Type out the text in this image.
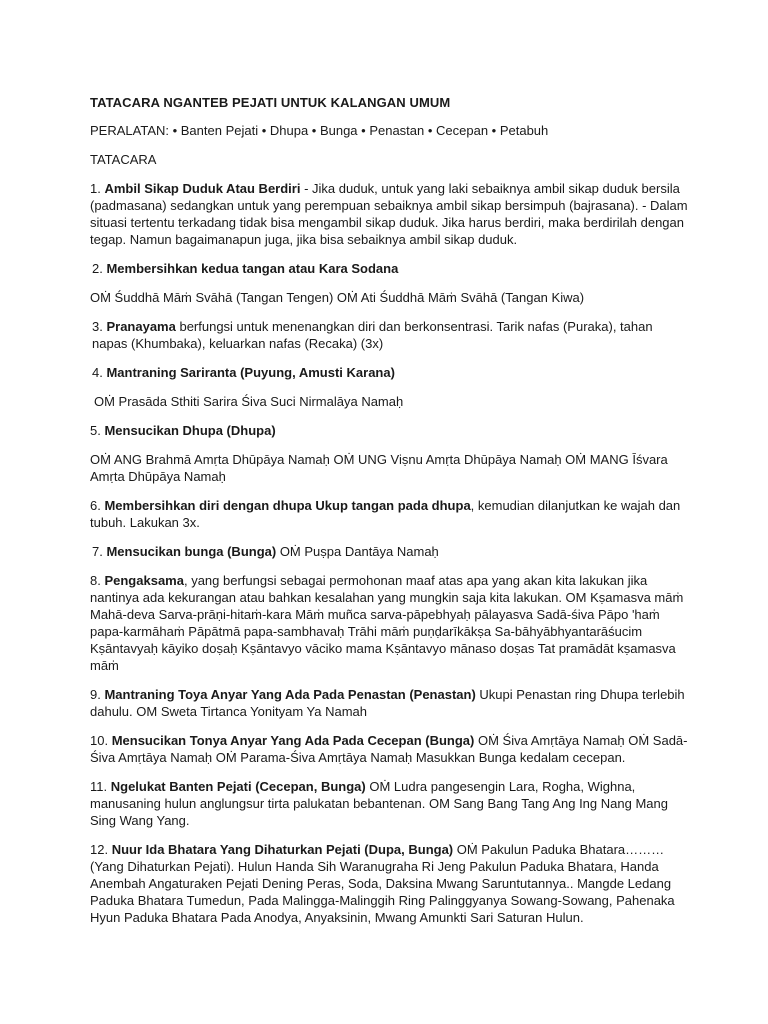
TATACARA NGANTEB PEJATI UNTUK KALANGAN UMUM
PERALATAN: • Banten Pejati • Dhupa • Bunga • Penastan • Cecepan • Petabuh
TATACARA
1. Ambil Sikap Duduk Atau Berdiri - Jika duduk, untuk yang laki sebaiknya ambil sikap duduk bersila (padmasana) sedangkan untuk yang perempuan sebaiknya ambil sikap bersimpuh (bajrasana). - Dalam situasi tertentu terkadang tidak bisa mengambil sikap duduk. Jika harus berdiri, maka berdirilah dengan tegap. Namun bagaimanapun juga, jika bisa sebaiknya ambil sikap duduk.
2. Membersihkan kedua tangan atau Kara Sodana
OṀ Śuddhā Māṁ Svāhā (Tangan Tengen) OṀ Ati Śuddhā Māṁ Svāhā (Tangan Kiwa)
3. Pranayama berfungsi untuk menenangkan diri dan berkonsentrasi. Tarik nafas (Puraka), tahan napas (Khumbaka), keluarkan nafas (Recaka) (3x)
4. Mantraning Sariranta (Puyung, Amusti Karana)
OṀ Prasāda Sthiti Sarira Śiva Suci Nirmalāya Namaḥ
5. Mensucikan Dhupa (Dhupa)
OṀ ANG Brahmā Amṛta Dhūpāya Namaḥ OṀ UNG Viṣnu Amṛta Dhūpāya Namaḥ OṀ MANG Īśvara Amṛta Dhūpāya Namaḥ
6. Membersihkan diri dengan dhupa Ukup tangan pada dhupa, kemudian dilanjutkan ke wajah dan tubuh. Lakukan 3x.
7. Mensucikan bunga (Bunga) OṀ Puṣpa Dantāya Namaḥ
8. Pengaksama, yang berfungsi sebagai permohonan maaf atas apa yang akan kita lakukan jika nantinya ada kekurangan atau bahkan kesalahan yang mungkin saja kita lakukan. OM Kṣamasva māṁ Mahā-deva Sarva-prāṇi-hitaṁ-kara Māṁ muñca sarva-pāpebhyaḥ pālayasva Sadā-śiva Pāpo 'haṁ papa-karmāhaṁ Pāpātmā papa-sambhavaḥ Trāhi māṁ puṇḍarīkākṣa Sa-bāhyābhyantarāśucim Kṣāntavyaḥ kāyiko doṣaḥ Kṣāntavyo vāciko mama Kṣāntavyo mānaso doṣas Tat pramādāt kṣamasva māṁ
9. Mantraning Toya Anyar Yang Ada Pada Penastan (Penastan) Ukupi Penastan ring Dhupa terlebih dahulu. OM Sweta Tirtanca Yonityam Ya Namah
10. Mensucikan Tonya Anyar Yang Ada Pada Cecepan (Bunga) OṀ Śiva Amṛtāya Namaḥ OṀ Sadā-Śiva Amṛtāya Namaḥ OṀ Parama-Śiva Amṛtāya Namaḥ Masukkan Bunga kedalam cecepan.
11. Ngelukat Banten Pejati (Cecepan, Bunga) OṀ Ludra pangesengin Lara, Rogha, Wighna, manusaning hulun anglungsur tirta palukatan bebantenan. OM Sang Bang Tang Ang Ing Nang Mang Sing Wang Yang.
12. Nuur Ida Bhatara Yang Dihaturkan Pejati (Dupa, Bunga) OṀ Pakulun Paduka Bhatara……… (Yang Dihaturkan Pejati). Hulun Handa Sih Waranugraha Ri Jeng Pakulun Paduka Bhatara, Handa Anembah Angaturaken Pejati Dening Peras, Soda, Daksina Mwang Saruntutannya.. Mangde Ledang Paduka Bhatara Tumedun, Pada Malingga-Malinggih Ring Palinggyanya Sowang-Sowang, Pahenaka Hyun Paduka Bhatara Pada Anodya, Anyaksinin, Mwang Amunkti Sari Saturan Hulun.
